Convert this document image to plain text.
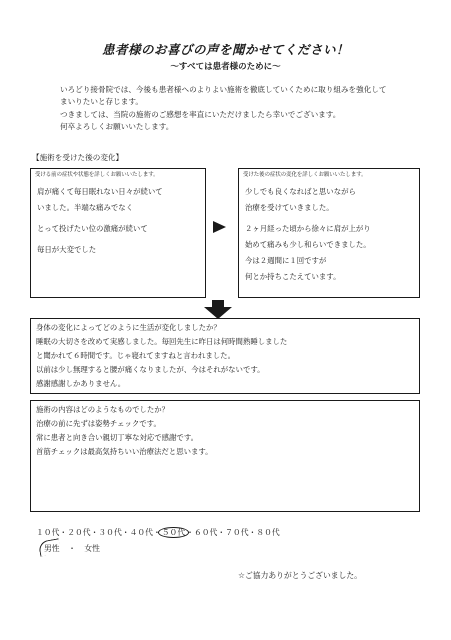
患者様のお喜びの声を聞かせてください！
～すべては患者様のために～
いろどり接骨院では、今後も患者様へのよりよい施術を徹底していくために取り組みを強化して
まいりたいと存じます。
つきましては、当院の施術のご感想を率直にいただけましたら幸いでございます。
何卒よろしくお願いいたします。
【施術を受けた後の変化】
受ける前の症状や状態を詳しくお願いいたします。
肩が痛くて毎日眠れない日々が続いて
いました。半端な痛みでなく
とって投げたい位の激痛が続いて
毎日が大変でした
受けた後の症状の変化を詳しくお願いいたします。
少しでも良くなればと思いながら
治療を受けていきました。
２ヶ月経った頃から徐々に肩が上がり
始めて痛みも少し和らいできました。
今は２週間に１回ですが
何とか持ちこたえています。
身体の変化によってどのように生活が変化しましたか？
睡眠の大切さを改めて実感しました。毎回先生に昨日は何時間熟睡しました
と聞かれて６時間です。じゃ寝れてますねと言われました。
以前は少し無理すると腰が痛くなりましたが、今はそれがないです。
感謝感謝しかありません。
施術の内容はどのようなものでしたか？
治療の前に先ずは姿勢チェックです。
常に患者と向き合い親切丁寧な対応で感謝です。
首筋チェックは最高気持ちいい治療法だと思います。
１０代・２０代・３０代・４０代・５０代・６０代・７０代・８０代
男性 ・ 女性
☆ご協力ありがとうございました。
